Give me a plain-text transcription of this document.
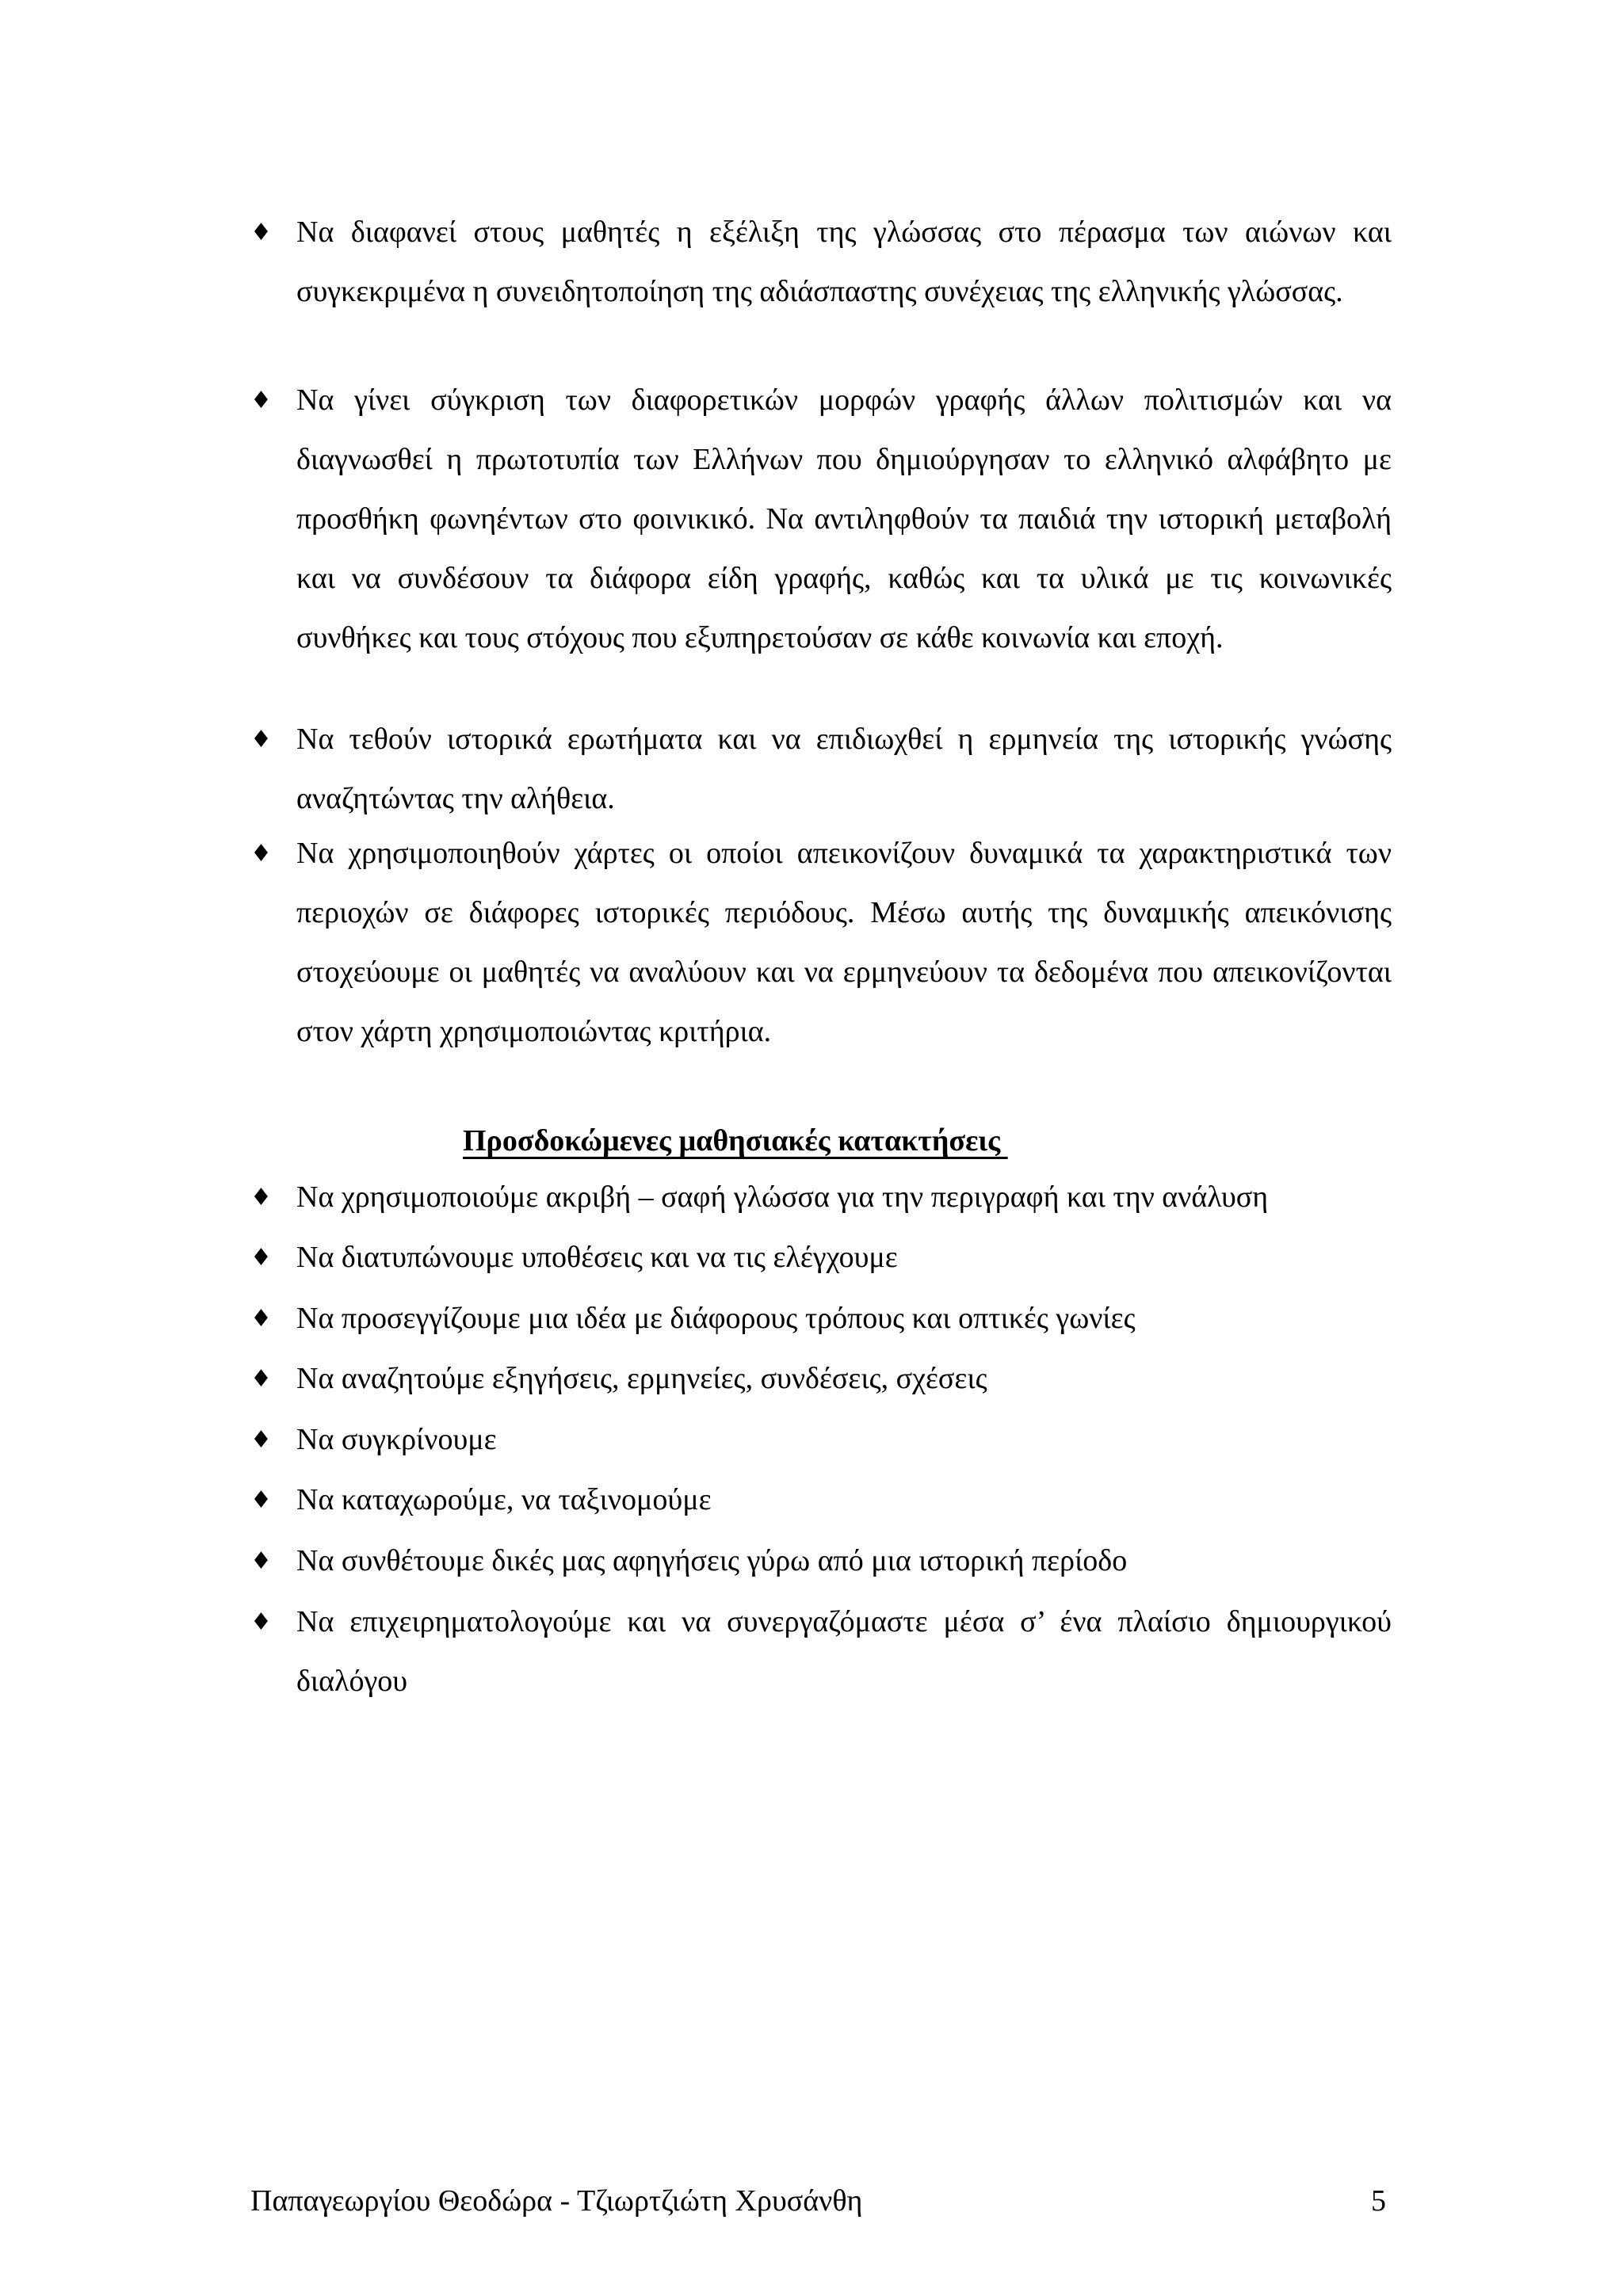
♦ Να διαφανεί στους μαθητές η εξέλιξη της γλώσσας στο πέρασμα των αιώνων και συγκεκριμένα η συνειδητοποίηση της αδιάσπαστης συνέχειας της ελληνικής γλώσσας.

♦ Να γίνει σύγκριση των διαφορετικών μορφών γραφής άλλων πολιτισμών και να διαγνωσθεί η πρωτοτυπία των Ελλήνων που δημιούργησαν το ελληνικό αλφάβητο με προσθήκη φωνηέντων στο φοινικικό. Να αντιληφθούν τα παιδιά την ιστορική μεταβολή και να συνδέσουν τα διάφορα είδη γραφής, καθώς και τα υλικά με τις κοινωνικές συνθήκες και τους στόχους που εξυπηρετούσαν σε κάθε κοινωνία και εποχή.

♦ Να τεθούν ιστορικά ερωτήματα και να επιδιωχθεί η ερμηνεία της ιστορικής γνώσης αναζητώντας την αλήθεια.

♦ Να χρησιμοποιηθούν χάρτες οι οποίοι απεικονίζουν δυναμικά τα χαρακτηριστικά των περιοχών σε διάφορες ιστορικές περιόδους. Μέσω αυτής της δυναμικής απεικόνισης στοχεύουμε οι μαθητές να αναλύουν και να ερμηνεύουν τα δεδομένα που απεικονίζονται στον χάρτη χρησιμοποιώντας κριτήρια.

Προσδοκώμενες μαθησιακές κατακτήσεις
♦ Να χρησιμοποιούμε ακριβή – σαφή γλώσσα για την περιγραφή και την ανάλυση

♦ Να διατυπώνουμε υποθέσεις και να τις ελέγχουμε

♦ Να προσεγγίζουμε μια ιδέα με διάφορους τρόπους και οπτικές γωνίες

♦ Να αναζητούμε εξηγήσεις, ερμηνείες, συνδέσεις, σχέσεις

♦ Να συγκρίνουμε

♦ Να καταχωρούμε, να ταξινομούμε

♦ Να συνθέτουμε δικές μας αφηγήσεις γύρω από μια ιστορική περίοδο

♦ Να επιχειρηματολογούμε και να συνεργαζόμαστε μέσα σ’ ένα πλαίσιο δημιουργικού διαλόγου

Παπαγεωργίου Θεοδώρα - Τζιωρτζιώτη Χρυσάνθη	5
